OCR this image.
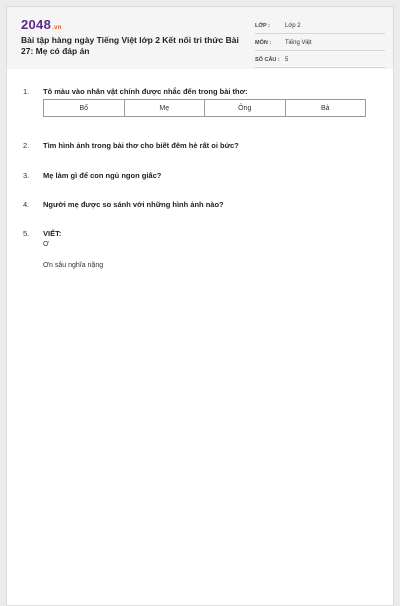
2048.vn
Bài tập hàng ngày Tiếng Việt lớp 2 Kết nối tri thức Bài 27: Mẹ có đáp án
LỚP :	Lớp 2
MÔN :	Tiếng Việt
SỐ CÂU : 5
1. Tô màu vào nhân vật chính được nhắc đến trong bài thơ:
Bố	Mẹ	Ông	Bà
2. Tìm hình ảnh trong bài thơ cho biết đêm hè rất oi bức?
3. Mẹ làm gì để con ngủ ngon giấc?
4. Người mẹ được so sánh với những hình ảnh nào?
5. VIẾT:
Ơ
Ơn sâu nghĩa nặng
